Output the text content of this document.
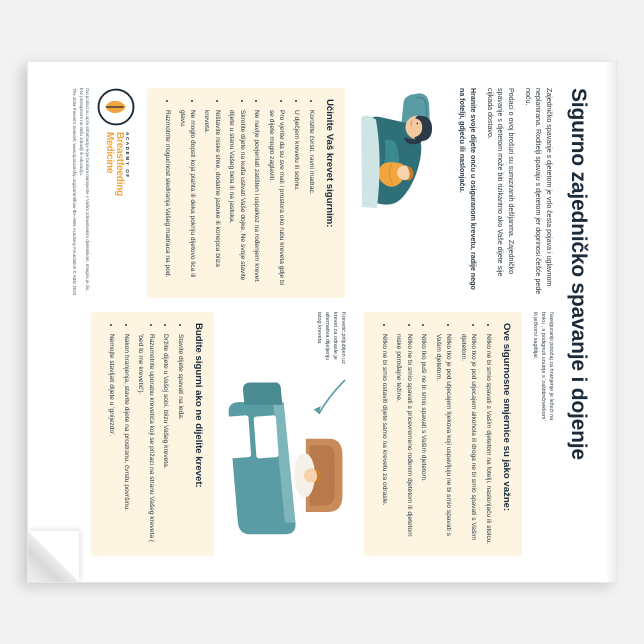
Sigurno zajedničko spavanje i dojenje

Zajedničko spavanje s djetetom je vrlo česta pojava i uglavnom neplanirana. Roditelji spavaju s djetetom jer doprinosi češće pede noću.

Podaci o ovoj brošuri su sumiziranih dešljanma. Zajedničko spavanje s djetetom može biti rizikantno ako Vaše dijete sije cijkada dostavo.

Hranite svoje dijete onću u osiguranom krevetu, radije nego na fotelji, gdjeću ili naslonjaču.

Učinite Vaš krevet sigurnim:
• Koristite čvrsti, ravni madrac.
• U dječjem krevetu ili sobnu.
• Pro vjerite da su sve mali i prostora oko rubu kreveta gdje bi se dijete moglo zaglaviti.
• Ne navlje povjerilati zatišten i uspalkoz na rođenjem krevet.
• Skrotite dijete na kuđa ustvati Vaše dojke. Ne svoje stavite dijete u stanu Vašeg bela ili na jastuka.
• Ništavite niske shke, dodatne jastuke ili konepca bliza kreveta.
• Ne moglo đopsti koja plahta ili deka pokriju dijetovo lica ili glavu.
• Razmotrite mogućnost slediranja Vašeg madraca na pod.
ACADEMY OF
Breastfeeding
Medicine
Ovi podaci su opće informacije koje brošura namijenite s Vašim zdravstvenim djelatnikom. Integira je dio, bez pristupinom na Vašu zdravlji ili educaciju.
The older Pasent's network: www.sponsorship.org/parent/how-the-ABM Academy Foundation © ABM 2023
Nasiguraniji položaj za hranjenje je ležeći na boku , s podignuti unutrje s 'zaštitinčnekkom' ili ječkom/ sagibljal.
Ove sigurnosne smjernice su jako važne:
• Nitko ne bi smio spavati s Vašim djetetom na fotelji, naslonjaču ili stolcu.
• Nitko tko je pod utjecajem alkohola ili droga ne bi smio spavati s Vašim djetetom.
• Nitko tko je pod utjecajem lijekova koji uspavljuju ne bi smio spavati s Vašim djetetom.
• Nitko tko puši ne bi smio spavati s Vašim djetetom.
• Nitko ne bi smio spavati s pricevremeno rođenim djetetom ili djetetom niske porođajne težine.
• Nitko ne bi smio ostaviti dijete samo na krevetu za odrasle.
Krevetić priljubljen uz krevet za odrasle je alternativa dijeljenju istog kreveta.
Budite sigurni ako ne dijelite krevet:
• Stavite dijete spavati na leđa.
• Držite dijete u Vašoj sobi, blizu Vašeg kreveta.
• Razumotrite uporabu krevetića koji se prižaci na stranu Vašeg kreveta ( 'bed to me krevetić').
• Nakon hranjenja, stavite dijete na prostranu, čvrstu površinu.
• Nemojte stavljati dijete u 'gnijezdo'.
